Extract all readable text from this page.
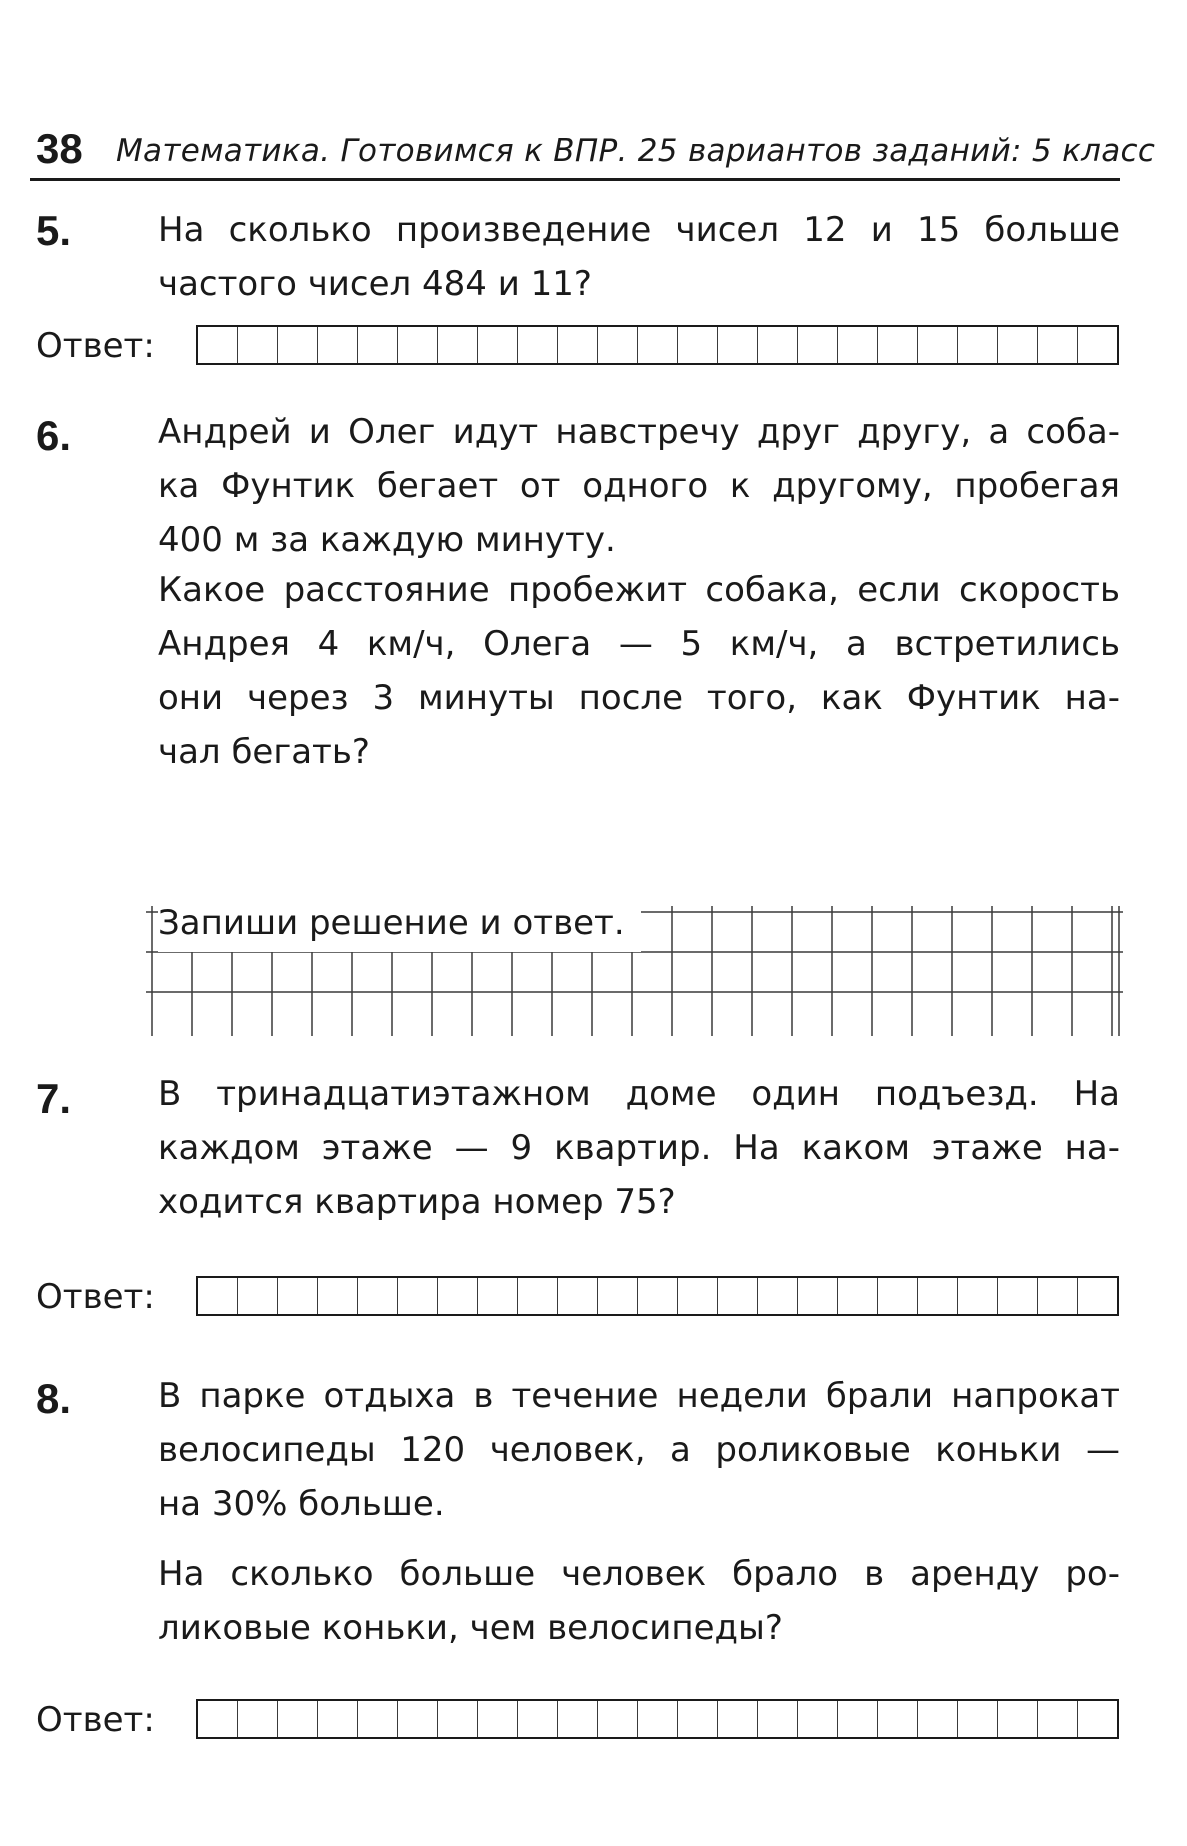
38 Математика. Готовимся к ВПР. 25 вариантов заданий: 5 класс
5.	На сколько произведение чисел 12 и 15 больше
частого чисел 484 и 11?
Ответ:
6.	Андрей и Олег идут навстречу друг другу, а соба-
ка Фунтик бегает от одного к другому, пробегая
400 м за каждую минуту.
Какое расстояние пробежит собака, если скорость
Андрея 4 км/ч, Олега — 5 км/ч, а встретились
они через 3 минуты после того, как Фунтик на-
чал бегать?
Запиши решение и ответ.
7.	В тринадцатиэтажном доме один подъезд. На
каждом этаже — 9 квартир. На каком этаже на-
ходится квартира номер 75?
Ответ:
8.	В парке отдыха в течение недели брали напрокат
велосипеды 120 человек, а роликовые коньки —
на 30% больше.
На сколько больше человек брало в аренду ро-
ликовые коньки, чем велосипеды?
Ответ:
